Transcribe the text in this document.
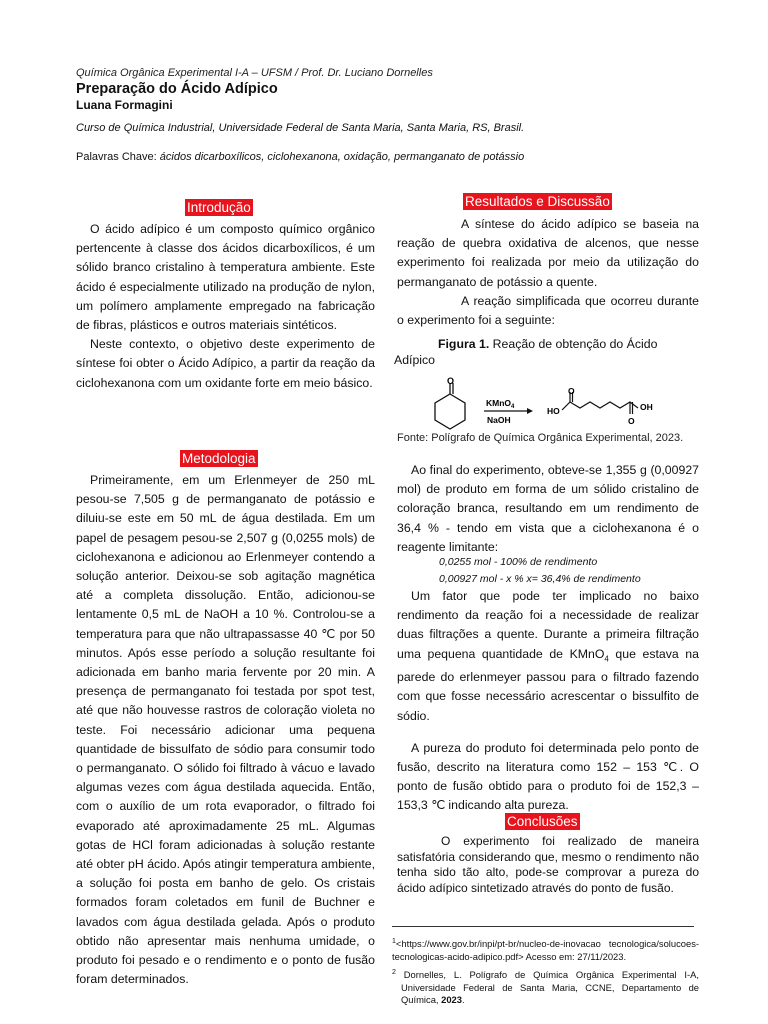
Química Orgânica Experimental I-A – UFSM / Prof. Dr. Luciano Dornelles
Preparação do Ácido Adípico
Luana Formagini
Curso de Química Industrial, Universidade Federal de Santa Maria, Santa Maria, RS, Brasil.
Palavras Chave: ácidos dicarboxílicos, ciclohexanona, oxidação, permanganato de potássio
Introdução

O ácido adípico é um composto químico orgânico pertencente à classe dos ácidos dicarboxílicos, é um sólido branco cristalino à temperatura ambiente. Este ácido é especialmente utilizado na produção de nylon, um polímero amplamente empregado na fabricação de fibras, plásticos e outros materiais sintéticos.

Neste contexto, o objetivo deste experimento de síntese foi obter o Ácido Adípico, a partir da reação da ciclohexanona com um oxidante forte em meio básico.

Metodologia

Primeiramente, em um Erlenmeyer de 250 mL pesou-se 7,505 g de permanganato de potássio e diluiu-se este em 50 mL de água destilada. Em um papel de pesagem pesou-se 2,507 g (0,0255 mols) de ciclohexanona e adicionou ao Erlenmeyer contendo a solução anterior. Deixou-se sob agitação magnética até a completa dissolução. Então, adicionou-se lentamente 0,5 mL de NaOH a 10 %. Controlou-se a temperatura para que não ultrapassasse 40 ℃ por 50 minutos. Após esse período a solução resultante foi adicionada em banho maria fervente por 20 min. A presença de permanganato foi testada por spot test, até que não houvesse rastros de coloração violeta no teste. Foi necessário adicionar uma pequena quantidade de bissulfato de sódio para consumir todo o permanganato. O sólido foi filtrado à vácuo e lavado algumas vezes com água destilada aquecida. Então, com o auxílio de um rota evaporador, o filtrado foi evaporado até aproximadamente 25 mL. Algumas gotas de HCl foram adicionadas à solução restante até obter pH ácido. Após atingir temperatura ambiente, a solução foi posta em banho de gelo. Os cristais formados foram coletados em funil de Buchner e lavados com água destilada gelada. Após o produto obtido não apresentar mais nenhuma umidade, o produto foi pesado e o rendimento e o ponto de fusão foram determinados.

Resultados e Discussão

A síntese do ácido adípico se baseia na reação de quebra oxidativa de alcenos, que nesse experimento foi realizada por meio da utilização do permanganato de potássio a quente.

A reação simplificada que ocorreu durante o experimento foi a seguinte:

Figura 1. Reação de obtenção do Ácido Adípico
O
KMnO$_4$
NaOH
O
HO	OH
O
Fonte: Polígrafo de Química Orgânica Experimental, 2023.

Ao final do experimento, obteve-se 1,355 g (0,00927 mol) de produto em forma de um sólido cristalino de coloração branca, resultando em um rendimento de 36,4 % - tendo em vista que a ciclohexanona é o reagente limitante:

0,0255 mol - 100% de rendimento
0,00927 mol - x % x= 36,4% de rendimento

Um fator que pode ter implicado no baixo rendimento da reação foi a necessidade de realizar duas filtrações a quente. Durante a primeira filtração uma pequena quantidade de KMnO$_4$ que estava na parede do erlenmeyer passou para o filtrado fazendo com que fosse necessário acrescentar o bissulfito de sódio.

A pureza do produto foi determinada pelo ponto de fusão, descrito na literatura como 152 – 153 ℃. O ponto de fusão obtido para o produto foi de 152,3 – 153,3 ℃ indicando alta pureza.

Conclusões

O experimento foi realizado de maneira satisfatória considerando que, mesmo o rendimento não tenha sido tão alto, pode-se comprovar a pureza do ácido adípico sintetizado através do ponto de fusão.

$^1$<https://www.gov.br/inpi/pt-br/nucleo-de-inovacao tecnologica/solucoes-tecnologicas-acido-adipico.pdf> Acesso em: 27/11/2023.
$^2$ Dornelles, L. Polígrafo de Química Orgânica Experimental I-A, Universidade Federal de Santa Maria, CCNE, Departamento de Química, 2023.
